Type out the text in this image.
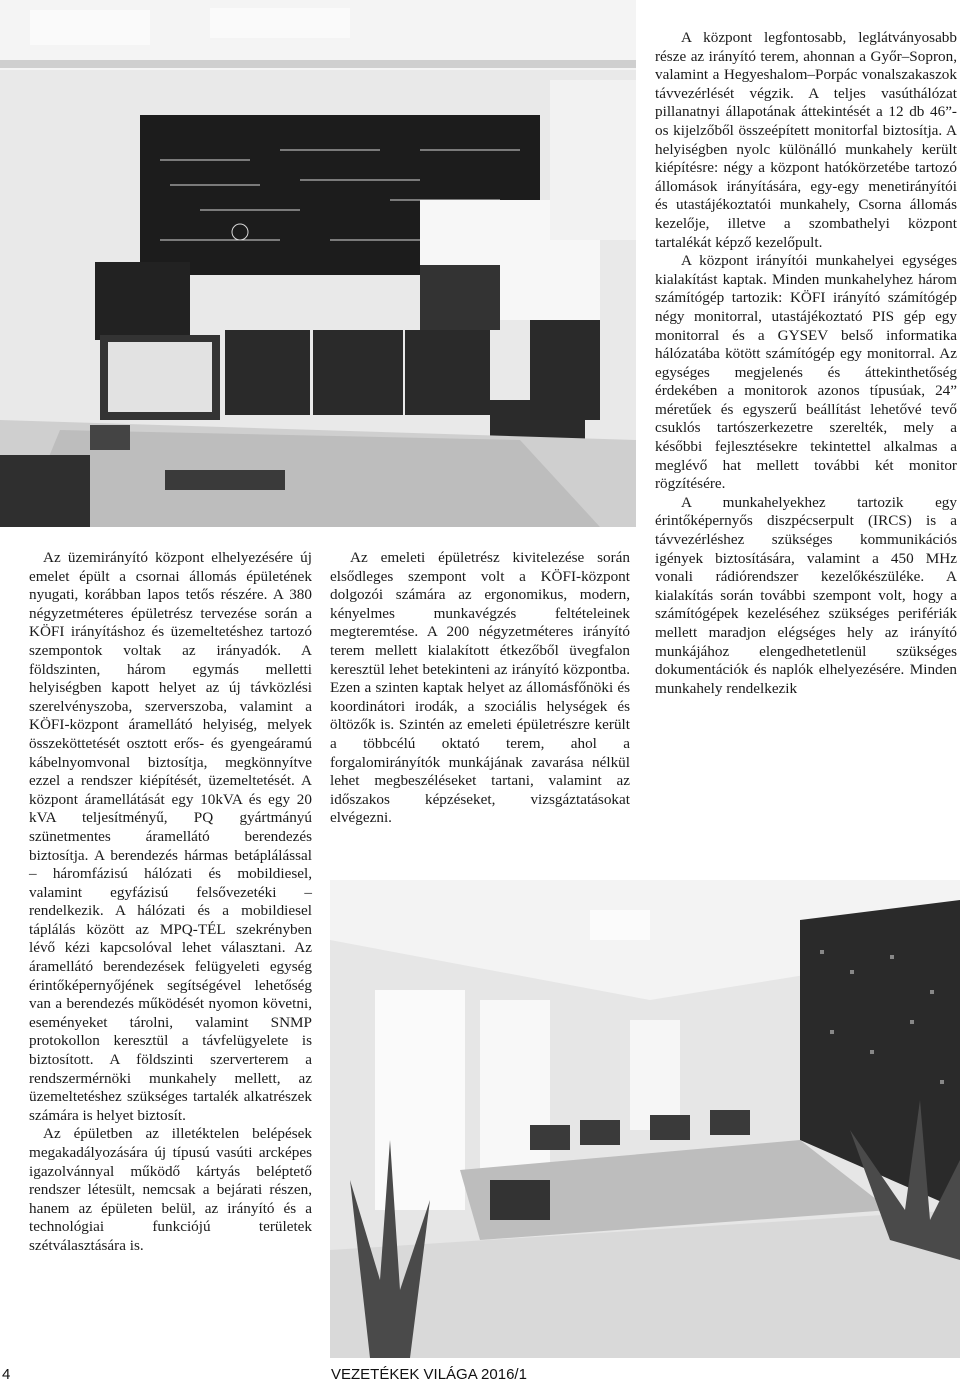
A központ legfontosabb, leglátványosabb része az irányító terem, ahonnan a Győr–Sopron, valamint a Hegyeshalom–Porpác vonalszakaszok távvezérlését végzik. A teljes vasúthálózat pillanatnyi állapotának áttekintését a 12 db 46”-os kijelzőből összeépített monitorfal biztosítja. A helyiségben nyolc különálló munkahely került kiépítésre: négy a központ hatókörzetébe tartozó állomások irányítására, egy-egy menetirányítói és utastájékoztatói munkahely, Csorna állomás kezelője, illetve a szombathelyi központ tartalékát képző kezelőpult.

A központ irányítói munkahelyei egységes kialakítást kaptak. Minden munkahelyhez három számítógép tartozik: KÖFI irányító számítógép négy monitorral, utastájékoztató PIS gép egy monitorral és a GYSEV belső informatika hálózatába kötött számítógép egy monitorral. Az egységes megjelenés és áttekinthetőség érdekében a monitorok azonos típusúak, 24” méretűek és egyszerű beállítást lehetővé tevő csuklós tartószerkezetre szerelték, mely a későbbi fejlesztésekre tekintettel alkalmas a meglévő hat mellett további két monitor rögzítésére.

A munkahelyekhez tartozik egy érintőképernyős diszpécserpult (IRCS) is a távvezérléshez szükséges kommunikációs igények biztosítására, valamint a 450 MHz vonali rádiórendszer kezelőkészüléke. A kialakítás során további szempont volt, hogy a számítógépek kezeléséhez szükséges perifériák mellett maradjon elégséges hely az irányító munkájához elengedhetetlenül szükséges dokumentációk és naplók elhelyezésére. Minden munkahely rendelkezik

Az üzemirányító központ elhelyezésére új emelet épült a csornai állomás épületének nyugati, korábban lapos tetős részére. A 380 négyzetméteres épületrész tervezése során a KÖFI irányításhoz és üzemeltetéshez tartozó szempontok voltak az irányadók. A földszinten, három egymás melletti helyiségben kapott helyet az új távközlési szerelvényszoba, szerverszoba, valamint a KÖFI-központ áramellátó helyiség, melyek összeköttetését osztott erős- és gyengeáramú kábelnyomvonal biztosítja, megkönnyítve ezzel a rendszer kiépítését, üzemeltetését. A központ áramellátását egy 10kVA és egy 20 kVA teljesítményű, PQ gyártmányú szünetmentes áramellátó berendezés biztosítja. A berendezés hármas betáplálással – háromfázisú hálózati és mobildiesel, valamint egyfázisú felsővezetéki – rendelkezik. A hálózati és a mobildiesel táplálás között az MPQ-TÉL szekrényben lévő kézi kapcsolóval lehet választani. Az áramellátó berendezések felügyeleti egység érintőképernyőjének segítségével lehetőség van a berendezés működését nyomon követni, eseményeket tárolni, valamint SNMP protokollon keresztül a távfelügyelete is biztosított. A földszinti szerverterem a rendszermérnöki munkahely mellett, az üzemeltetéshez szükséges tartalék alkatrészek számára is helyet biztosít.

Az épületben az illetéktelen belépések megakadályozására új típusú vasúti arcképes igazolvánnyal működő kártyás beléptető rendszer létesült, nemcsak a bejárati részen, hanem az épületen belül, az irányító és a technológiai funkciójú területek szétválasztására is.

Az emeleti épületrész kivitelezése során elsődleges szempont volt a KÖFI-központ dolgozói számára az ergonomikus, modern, kényelmes munkavégzés feltételeinek megteremtése. A 200 négyzetméteres irányító terem mellett kialakított étkezőből üvegfalon keresztül lehet betekinteni az irányító központba. Ezen a szinten kaptak helyet az állomásfőnöki és koordinátori irodák, a szociális helységek és öltözők is. Szintén az emeleti épületrészre került a többcélú oktató terem, ahol a forgalomirányítók munkájának zavarása nélkül lehet megbeszéléseket tartani, valamint az időszakos képzéseket, vizsgáztatásokat elvégezni.

4	VEZETÉKEK VILÁGA 2016/1
